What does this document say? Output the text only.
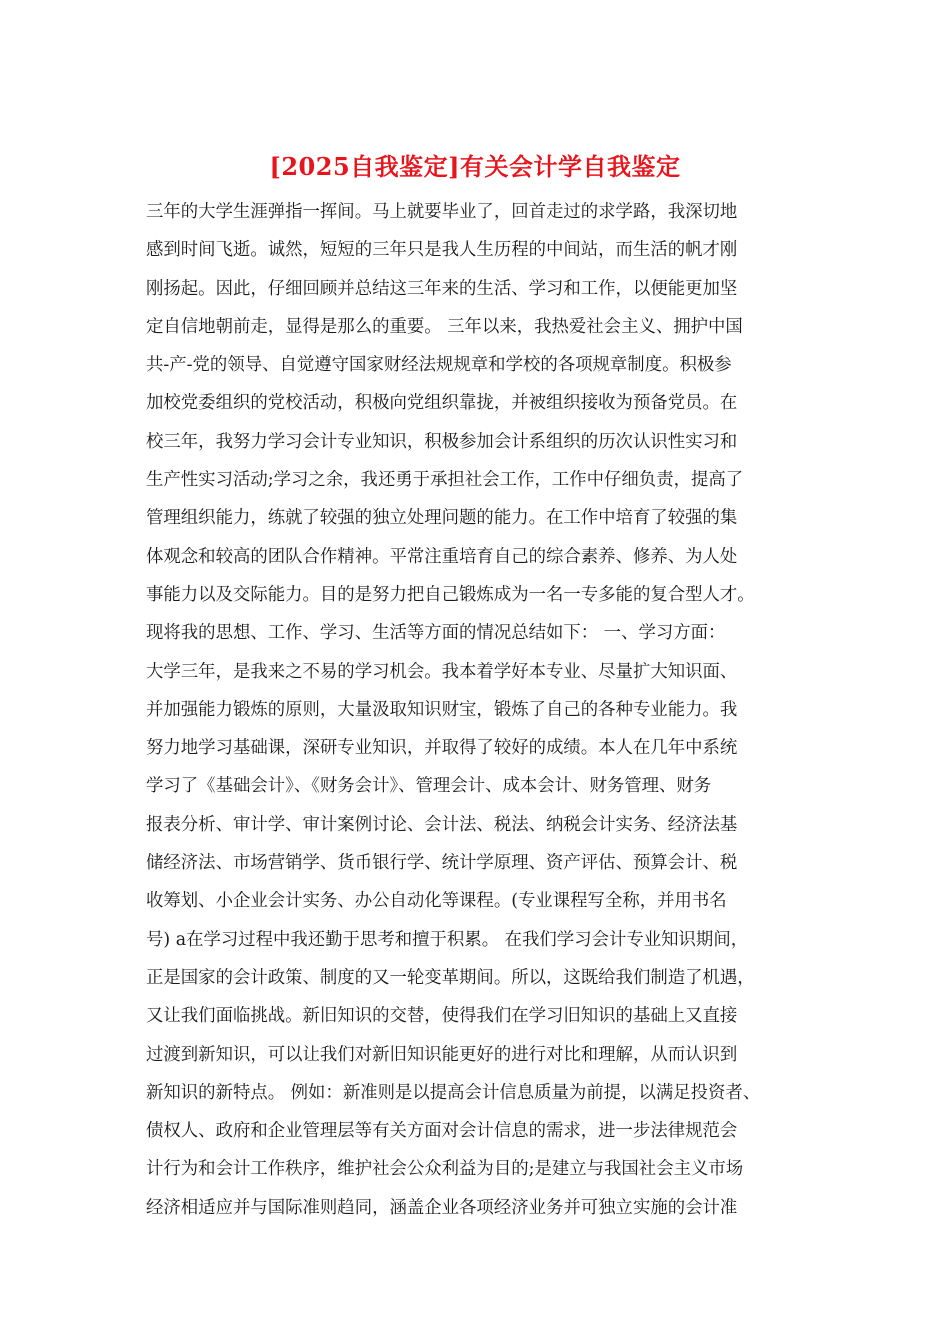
[2025自我鉴定]有关会计学自我鉴定
三年的大学生涯弹指一挥间。马上就要毕业了，回首走过的求学路，我深切地
感到时间飞逝。诚然，短短的三年只是我人生历程的中间站，而生活的帆才刚
刚扬起。因此，仔细回顾并总结这三年来的生活、学习和工作，以便能更加坚
定自信地朝前走，显得是那么的重要。 三年以来，我热爱社会主义、拥护中国
共-产-党的领导、自觉遵守国家财经法规规章和学校的各项规章制度。积极参
加校党委组织的党校活动，积极向党组织靠拢，并被组织接收为预备党员。在
校三年，我努力学习会计专业知识，积极参加会计系组织的历次认识性实习和
生产性实习活动;学习之余，我还勇于承担社会工作，工作中仔细负责，提高了
管理组织能力，练就了较强的独立处理问题的能力。在工作中培育了较强的集
体观念和较高的团队合作精神。平常注重培育自己的综合素养、修养、为人处
事能力以及交际能力。目的是努力把自己锻炼成为一名一专多能的复合型人才。
现将我的思想、工作、学习、生活等方面的情况总结如下： 一、学习方面：
大学三年，是我来之不易的学习机会。我本着学好本专业、尽量扩大知识面、
并加强能力锻炼的原则，大量汲取知识财宝，锻炼了自己的各种专业能力。我
努力地学习基础课，深研专业知识，并取得了较好的成绩。本人在几年中系统
学习了《基础会计》、《财务会计》、管理会计、成本会计、财务管理、财务
报表分析、审计学、审计案例讨论、会计法、税法、纳税会计实务、经济法基
储经济法、市场营销学、货币银行学、统计学原理、资产评估、预算会计、税
收筹划、小企业会计实务、办公自动化等课程。(专业课程写全称，并用书名
号) a在学习过程中我还勤于思考和擅于积累。 在我们学习会计专业知识期间，
正是国家的会计政策、制度的又一轮变革期间。所以，这既给我们制造了机遇，
又让我们面临挑战。新旧知识的交替，使得我们在学习旧知识的基础上又直接
过渡到新知识，可以让我们对新旧知识能更好的进行对比和理解，从而认识到
新知识的新特点。 例如：新准则是以提高会计信息质量为前提，以满足投资者、
债权人、政府和企业管理层等有关方面对会计信息的需求，进一步法律规范会
计行为和会计工作秩序，维护社会公众利益为目的;是建立与我国社会主义市场
经济相适应并与国际准则趋同，涵盖企业各项经济业务并可独立实施的会计准
